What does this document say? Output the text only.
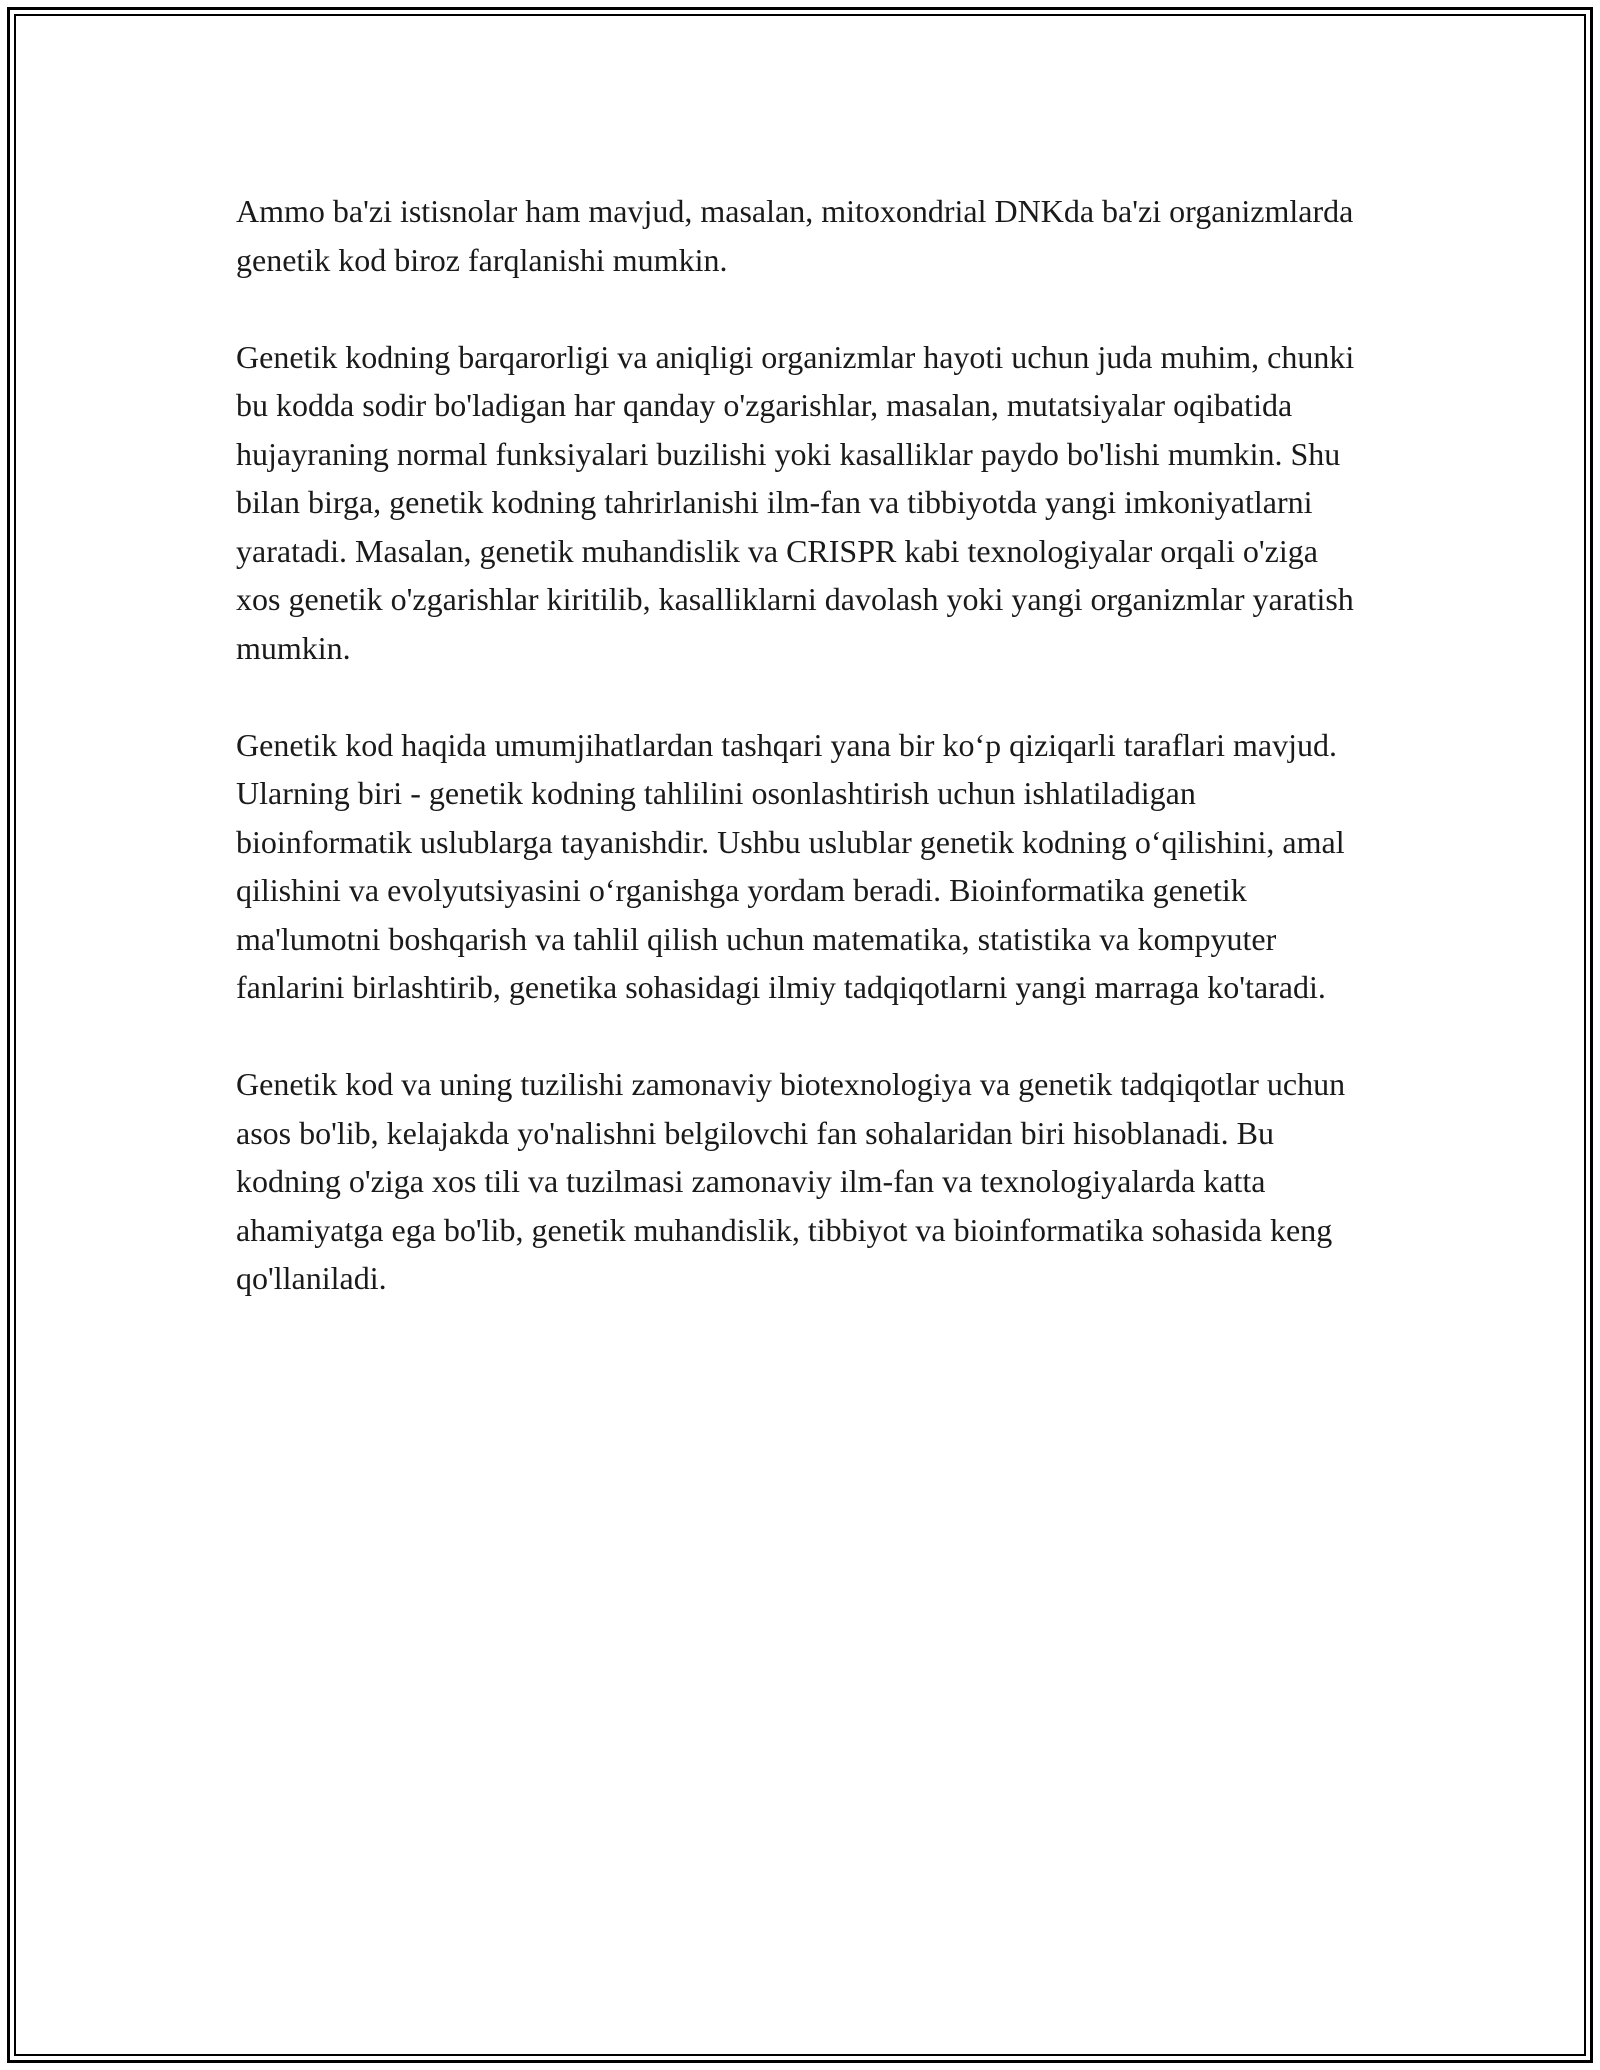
Ammo ba'zi istisnolar ham mavjud, masalan, mitoxondrial DNKda ba'zi organizmlarda genetik kod biroz farqlanishi mumkin.

Genetik kodning barqarorligi va aniqligi organizmlar hayoti uchun juda muhim, chunki bu kodda sodir bo'ladigan har qanday o'zgarishlar, masalan, mutatsiyalar oqibatida hujayraning normal funksiyalari buzilishi yoki kasalliklar paydo bo'lishi mumkin. Shu bilan birga, genetik kodning tahrirlanishi ilm-fan va tibbiyotda yangi imkoniyatlarni yaratadi. Masalan, genetik muhandislik va CRISPR kabi texnologiyalar orqali o'ziga xos genetik o'zgarishlar kiritilib, kasalliklarni davolash yoki yangi organizmlar yaratish mumkin.

Genetik kod haqida umumjihatlardan tashqari yana bir koʻp qiziqarli taraflari mavjud. Ularning biri - genetik kodning tahlilini osonlashtirish uchun ishlatiladigan bioinformatik uslublarga tayanishdir. Ushbu uslublar genetik kodning oʻqilishini, amal qilishini va evolyutsiyasini oʻrganishga yordam beradi. Bioinformatika genetik ma'lumotni boshqarish va tahlil qilish uchun matematika, statistika va kompyuter fanlarini birlashtirib, genetika sohasidagi ilmiy tadqiqotlarni yangi marraga ko'taradi.

Genetik kod va uning tuzilishi zamonaviy biotexnologiya va genetik tadqiqotlar uchun asos bo'lib, kelajakda yo'nalishni belgilovchi fan sohalaridan biri hisoblanadi. Bu kodning o'ziga xos tili va tuzilmasi zamonaviy ilm-fan va texnologiyalarda katta ahamiyatga ega bo'lib, genetik muhandislik, tibbiyot va bioinformatika sohasida keng qo'llaniladi.
